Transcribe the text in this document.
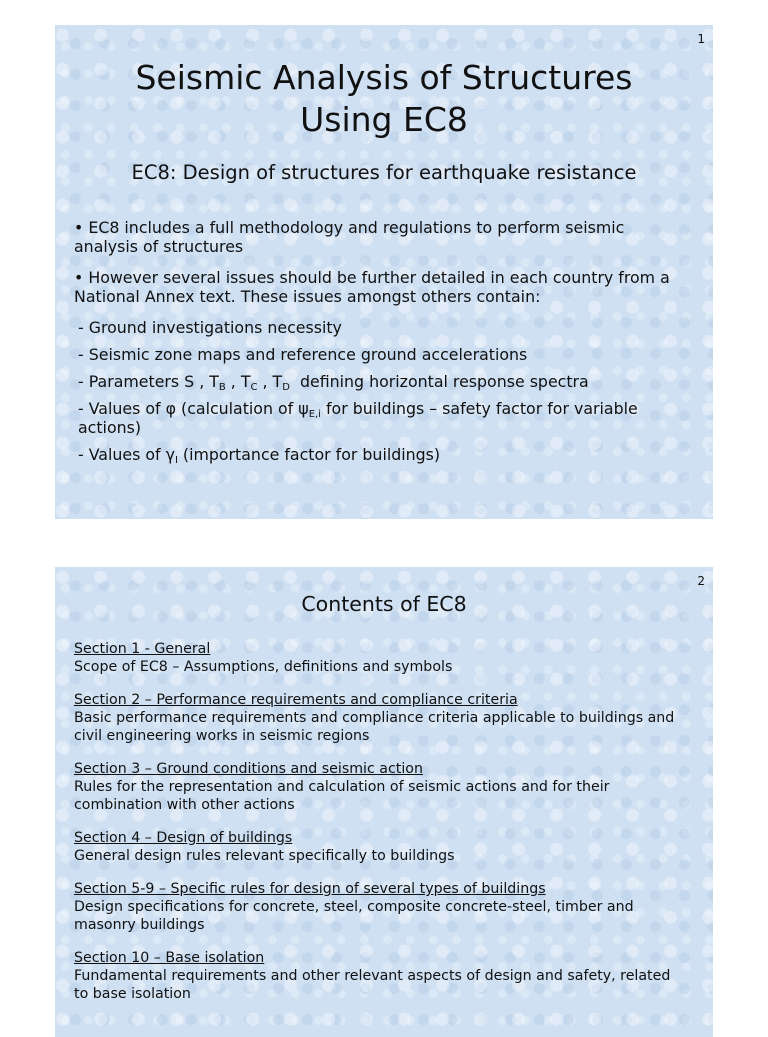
1
Seismic Analysis of Structures
Using EC8
EC8: Design of structures for earthquake resistance
• EC8 includes a full methodology and regulations to perform seismic analysis of structures
• However several issues should be further detailed in each country from a National Annex text. These issues amongst others contain:
- Ground investigations necessity
- Seismic zone maps and reference ground accelerations
- Parameters S , $T_B$ , $T_C$ , $T_D$  defining horizontal response spectra
- Values of φ (calculation of $\psi_{E,i}$ for buildings – safety factor for variable
actions)
- Values of $\gamma_I$ (importance factor for buildings)
2
Contents of EC8
Section 1 - General
Scope of EC8 – Assumptions, definitions and symbols
Section 2 – Performance requirements and compliance criteria
Basic performance requirements and compliance criteria applicable to buildings and civil engineering works in seismic regions
Section 3 – Ground conditions and seismic action
Rules for the representation and calculation of seismic actions and for their combination with other actions
Section 4 – Design of buildings
General design rules relevant specifically to buildings
Section 5-9 – Specific rules for design of several types of buildings
Design specifications for concrete, steel, composite concrete-steel, timber and masonry buildings
Section 10 – Base isolation
Fundamental requirements and other relevant aspects of design and safety, related to base isolation
